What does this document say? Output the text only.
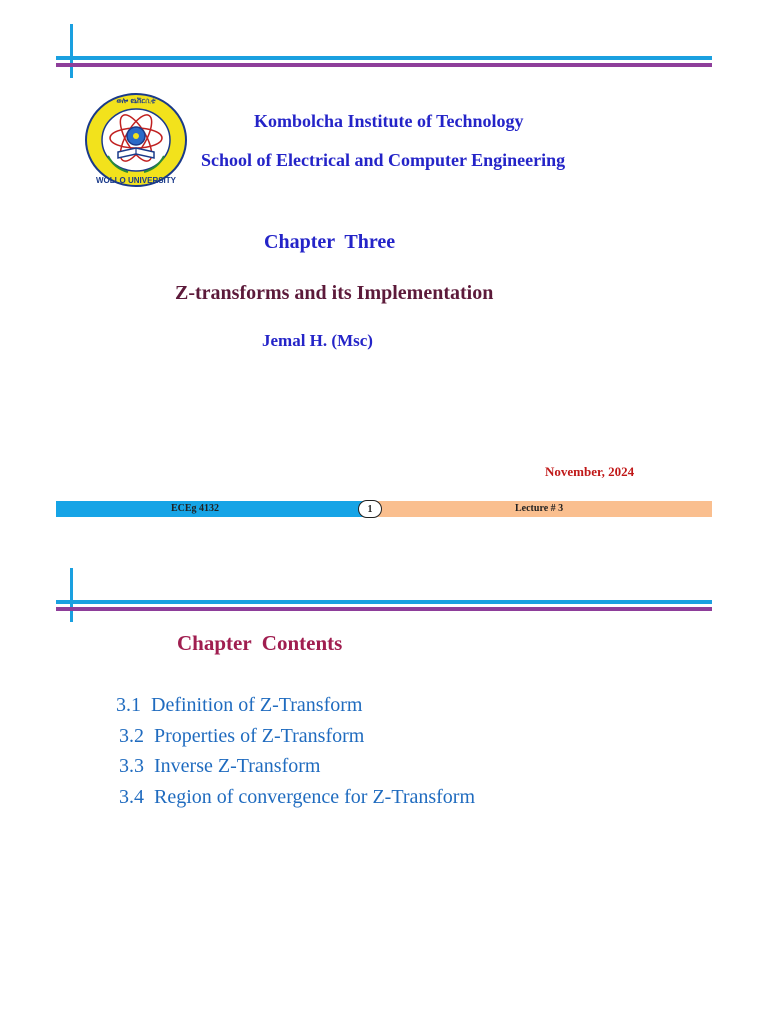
WOLLO UNIVERSITY
ወሎ ዩኒቨርሲቲ
Kombolcha Institute of Technology
School of Electrical and Computer Engineering
Chapter  Three
Z-transforms and its Implementation
Jemal H. (Msc)
November, 2024
ECEg 4132	1	Lecture # 3
Chapter  Contents
3.1  Definition of Z-Transform
3.2  Properties of Z-Transform
3.3  Inverse Z-Transform
3.4  Region of convergence for Z-Transform
